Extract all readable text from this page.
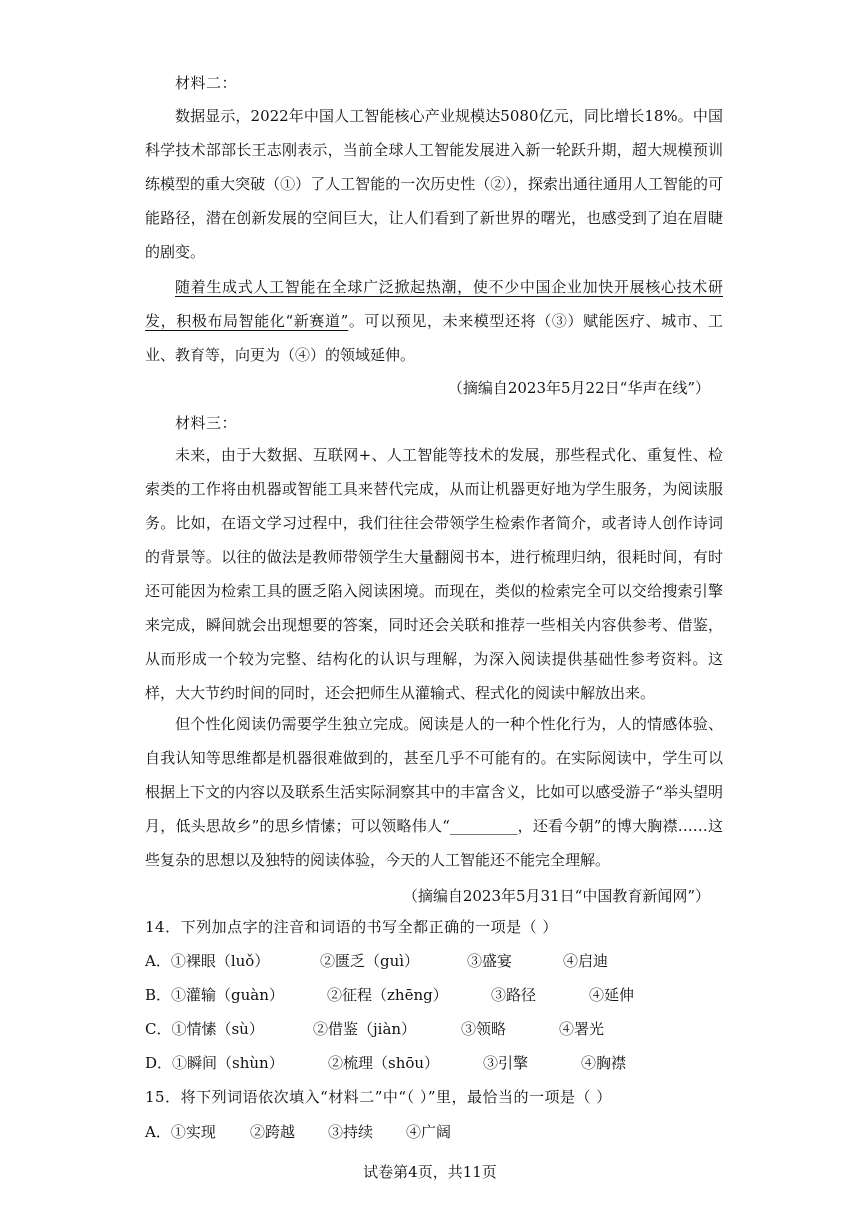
材料二：
数据显示，2022年中国人工智能核心产业规模达5080亿元，同比增长18%。中国科学技术部部长王志刚表示，当前全球人工智能发展进入新一轮跃升期，超大规模预训练模型的重大突破（①）了人工智能的一次历史性（②），探索出通往通用人工智能的可能路径，潜在创新发展的空间巨大，让人们看到了新世界的曙光，也感受到了迫在眉睫的剧变。
随着生成式人工智能在全球广泛掀起热潮，使不少中国企业加快开展核心技术研发，积极布局智能化“新赛道”。可以预见，未来模型还将（③）赋能医疗、城市、工业、教育等，向更为（④）的领域延伸。
（摘编自2023年5月22日“华声在线”）
材料三：
未来，由于大数据、互联网+、人工智能等技术的发展，那些程式化、重复性、检索类的工作将由机器或智能工具来替代完成，从而让机器更好地为学生服务，为阅读服务。比如，在语文学习过程中，我们往往会带领学生检索作者简介，或者诗人创作诗词的背景等。以往的做法是教师带领学生大量翻阅书本，进行梳理归纳，很耗时间，有时还可能因为检索工具的匮乏陷入阅读困境。而现在，类似的检索完全可以交给搜索引擎来完成，瞬间就会出现想要的答案，同时还会关联和推荐一些相关内容供参考、借鉴，从而形成一个较为完整、结构化的认识与理解，为深入阅读提供基础性参考资料。这样，大大节约时间的同时，还会把师生从灌输式、程式化的阅读中解放出来。
但个性化阅读仍需要学生独立完成。阅读是人的一种个性化行为，人的情感体验、自我认知等思维都是机器很难做到的，甚至几乎不可能有的。在实际阅读中，学生可以根据上下文的内容以及联系生活实际洞察其中的丰富含义，比如可以感受游子“举头望明月，低头思故乡”的思乡情愫；可以领略伟人“_________，还看今朝”的博大胸襟……这些复杂的思想以及独特的阅读体验，今天的人工智能还不能完全理解。
（摘编自2023年5月31日“中国教育新闻网”）
14．下列加点字的注音和词语的书写全都正确的一项是（ ）
A．①裸眼（luǒ）	②匮乏（guì）	③盛宴	④启迪
B．①灌输（guàn）	②征程（zhēng）	③路径	④延伸
C．①情愫（sù）	②借鉴（jiàn）	③领略	④署光
D．①瞬间（shùn）	②梳理（shōu）	③引擎	④胸襟
15．将下列词语依次填入“材料二”中“（ ）”里，最恰当的一项是（ ）
A．①实现 ②跨越 ③持续 ④广阔
试卷第4页，共11页
